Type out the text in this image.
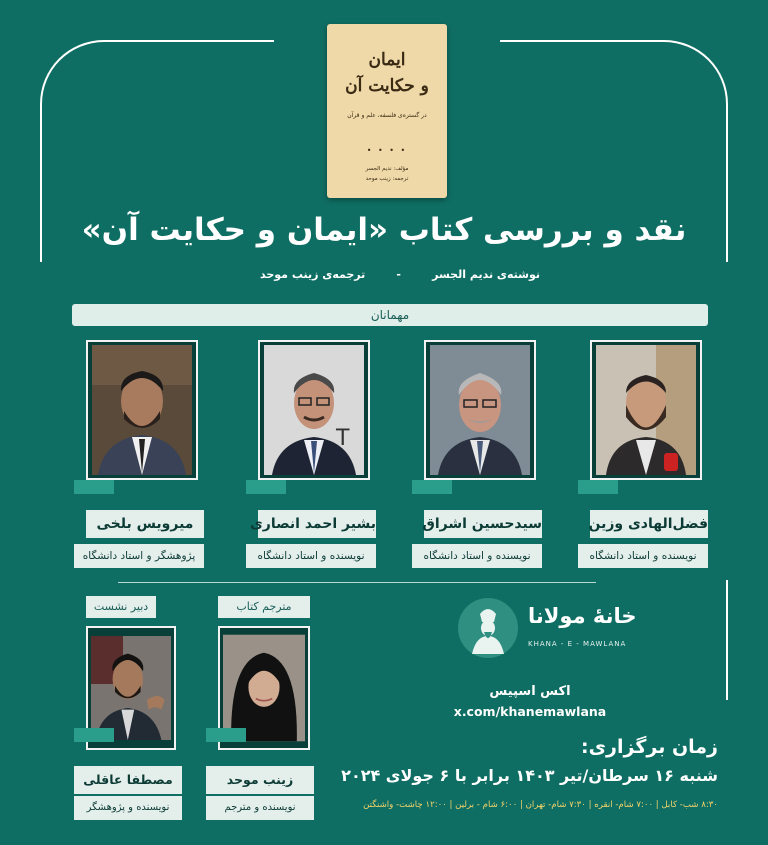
ایمان
و حکایت آن
در گستره‌ی فلسفه، علم و قرآن
• • • •
مؤلف: ندیم الجسر
ترجمه: زینب موحد
نقد و بررسی کتاب «ایمان و حکایت آن»
نوشته‌ی ندیم الجسر
-
ترجمه‌ی زینب موحد
مهمانان
فضل‌الهادی وزین
نویسنده و استاد دانشگاه
سیدحسین اشراق
نویسنده و استاد دانشگاه
T
بشیر احمد انصاری
نویسنده و استاد دانشگاه
میرویس بلخی
پژوهشگر و استاد دانشگاه
دبیر نشست
مصطفا عاقلی
نویسنده و پژوهشگر
مترجم کتاب
زینب موحد
نویسنده و مترجم
خانهٔ مولانا
KHANA - E - MAWLANA
اکس اسپیس
x.com/khanemawlana
زمان برگزاری:
شنبه ۱۶ سرطان/تیر ۱۴۰۳ برابر با ۶ جولای ۲۰۲۴
۸:۳۰ شب- کابل | ۷:۰۰ شام- انقره | ۷:۳۰ شام- تهران | ۶:۰۰ شام - برلین | ۱۲:۰۰ چاشت- واشنگتن
